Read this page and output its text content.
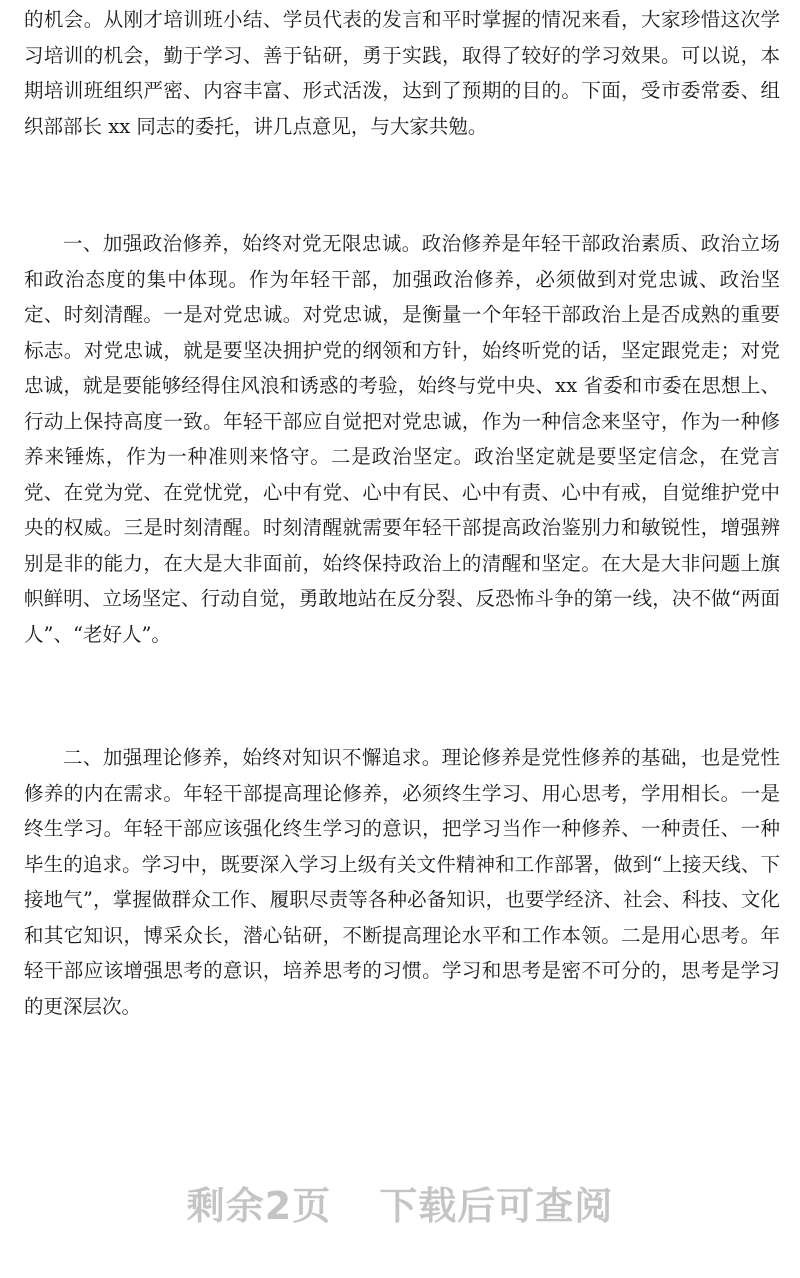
的机会。从刚才培训班小结、学员代表的发言和平时掌握的情况来看，大家珍惜这次学习培训的机会，勤于学习、善于钻研，勇于实践，取得了较好的学习效果。可以说，本期培训班组织严密、内容丰富、形式活泼，达到了预期的目的。下面，受市委常委、组织部部长 xx 同志的委托，讲几点意见，与大家共勉。

一、加强政治修养，始终对党无限忠诚。政治修养是年轻干部政治素质、政治立场和政治态度的集中体现。作为年轻干部，加强政治修养，必须做到对党忠诚、政治坚定、时刻清醒。一是对党忠诚。对党忠诚，是衡量一个年轻干部政治上是否成熟的重要标志。对党忠诚，就是要坚决拥护党的纲领和方针，始终听党的话，坚定跟党走；对党忠诚，就是要能够经得住风浪和诱惑的考验，始终与党中央、xx 省委和市委在思想上、行动上保持高度一致。年轻干部应自觉把对党忠诚，作为一种信念来坚守，作为一种修养来锤炼，作为一种准则来恪守。二是政治坚定。政治坚定就是要坚定信念，在党言党、在党为党、在党忧党，心中有党、心中有民、心中有责、心中有戒，自觉维护党中央的权威。三是时刻清醒。时刻清醒就需要年轻干部提高政治鉴别力和敏锐性，增强辨别是非的能力，在大是大非面前，始终保持政治上的清醒和坚定。在大是大非问题上旗帜鲜明、立场坚定、行动自觉，勇敢地站在反分裂、反恐怖斗争的第一线，决不做“两面人”、“老好人”。

二、加强理论修养，始终对知识不懈追求。理论修养是党性修养的基础，也是党性修养的内在需求。年轻干部提高理论修养，必须终生学习、用心思考，学用相长。一是终生学习。年轻干部应该强化终生学习的意识，把学习当作一种修养、一种责任、一种毕生的追求。学习中，既要深入学习上级有关文件精神和工作部署，做到“上接天线、下接地气”，掌握做群众工作、履职尽责等各种必备知识，也要学经济、社会、科技、文化和其它知识，博采众长，潜心钻研，不断提高理论水平和工作本领。二是用心思考。年轻干部应该增强思考的意识，培养思考的习惯。学习和思考是密不可分的，思考是学习的更深层次。

剩余2页 下载后可查阅
